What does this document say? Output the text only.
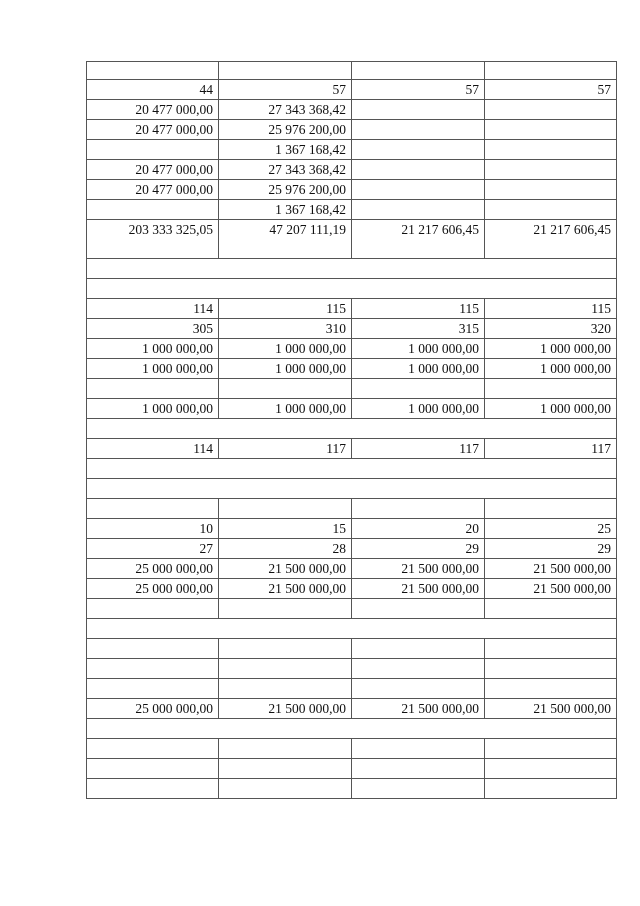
44	57	57	57
20 477 000,00	27 343 368,42		
20 477 000,00	25 976 200,00		
	1 367 168,42		
20 477 000,00	27 343 368,42		
20 477 000,00	25 976 200,00		
	1 367 168,42		
203 333 325,05	47 207 111,19	21 217 606,45	21 217 606,45

114	115	115	115
305	310	315	320
1 000 000,00	1 000 000,00	1 000 000,00	1 000 000,00
1 000 000,00	1 000 000,00	1 000 000,00	1 000 000,00

1 000 000,00	1 000 000,00	1 000 000,00	1 000 000,00

114	117	117	117

10	15	20	25
27	28	29	29
25 000 000,00	21 500 000,00	21 500 000,00	21 500 000,00
25 000 000,00	21 500 000,00	21 500 000,00	21 500 000,00

25 000 000,00	21 500 000,00	21 500 000,00	21 500 000,00
